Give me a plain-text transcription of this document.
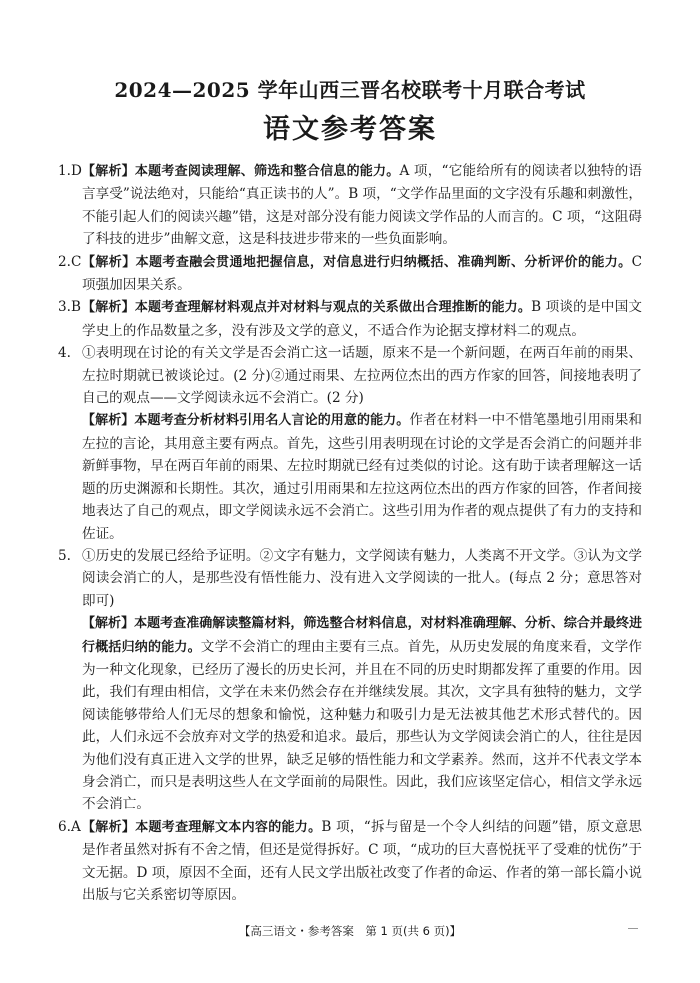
2024—2025 学年山西三晋名校联考十月联合考试
语文参考答案
1.D 【解析】本题考查阅读理解、筛选和整合信息的能力。A 项，“它能给所有的阅读者以独特的语言享受”说法绝对，只能给“真正读书的人”。B 项，“文学作品里面的文字没有乐趣和刺激性，不能引起人们的阅读兴趣”错，这是对部分没有能力阅读文学作品的人而言的。C 项，“这阻碍了科技的进步”曲解文意，这是科技进步带来的一些负面影响。

2.C 【解析】本题考查融会贯通地把握信息，对信息进行归纳概括、准确判断、分析评价的能力。C 项强加因果关系。

3.B 【解析】本题考查理解材料观点并对材料与观点的关系做出合理推断的能力。B 项谈的是中国文学史上的作品数量之多，没有涉及文学的意义，不适合作为论据支撑材料二的观点。

4. ①表明现在讨论的有关文学是否会消亡这一话题，原来不是一个新问题，在两百年前的雨果、左拉时期就已被谈论过。(2 分)②通过雨果、左拉两位杰出的西方作家的回答，间接地表明了自己的观点——文学阅读永远不会消亡。(2 分)

【解析】本题考查分析材料引用名人言论的用意的能力。作者在材料一中不惜笔墨地引用雨果和左拉的言论，其用意主要有两点。首先，这些引用表明现在讨论的文学是否会消亡的问题并非新鲜事物，早在两百年前的雨果、左拉时期就已经有过类似的讨论。这有助于读者理解这一话题的历史渊源和长期性。其次，通过引用雨果和左拉这两位杰出的西方作家的回答，作者间接地表达了自己的观点，即文学阅读永远不会消亡。这些引用为作者的观点提供了有力的支持和佐证。

5. ①历史的发展已经给予证明。②文字有魅力，文学阅读有魅力，人类离不开文学。③认为文学阅读会消亡的人，是那些没有悟性能力、没有进入文学阅读的一批人。(每点 2 分；意思答对即可)

【解析】本题考查准确解读整篇材料，筛选整合材料信息，对材料准确理解、分析、综合并最终进行概括归纳的能力。文学不会消亡的理由主要有三点。首先，从历史发展的角度来看，文学作为一种文化现象，已经历了漫长的历史长河，并且在不同的历史时期都发挥了重要的作用。因此，我们有理由相信，文学在未来仍然会存在并继续发展。其次，文字具有独特的魅力，文学阅读能够带给人们无尽的想象和愉悦，这种魅力和吸引力是无法被其他艺术形式替代的。因此，人们永远不会放弃对文学的热爱和追求。最后，那些认为文学阅读会消亡的人，往往是因为他们没有真正进入文学的世界，缺乏足够的悟性能力和文学素养。然而，这并不代表文学本身会消亡，而只是表明这些人在文学面前的局限性。因此，我们应该坚定信心，相信文学永远不会消亡。

6.A 【解析】本题考查理解文本内容的能力。B 项，“拆与留是一个令人纠结的问题”错，原文意思是作者虽然对拆有不舍之情，但还是觉得拆好。C 项，“成功的巨大喜悦抚平了受难的忧伤”于文无据。D 项，原因不全面，还有人民文学出版社改变了作者的命运、作者的第一部长篇小说出版与它关系密切等原因。

【高三语文・参考答案　第 1 页(共 6 页)】
